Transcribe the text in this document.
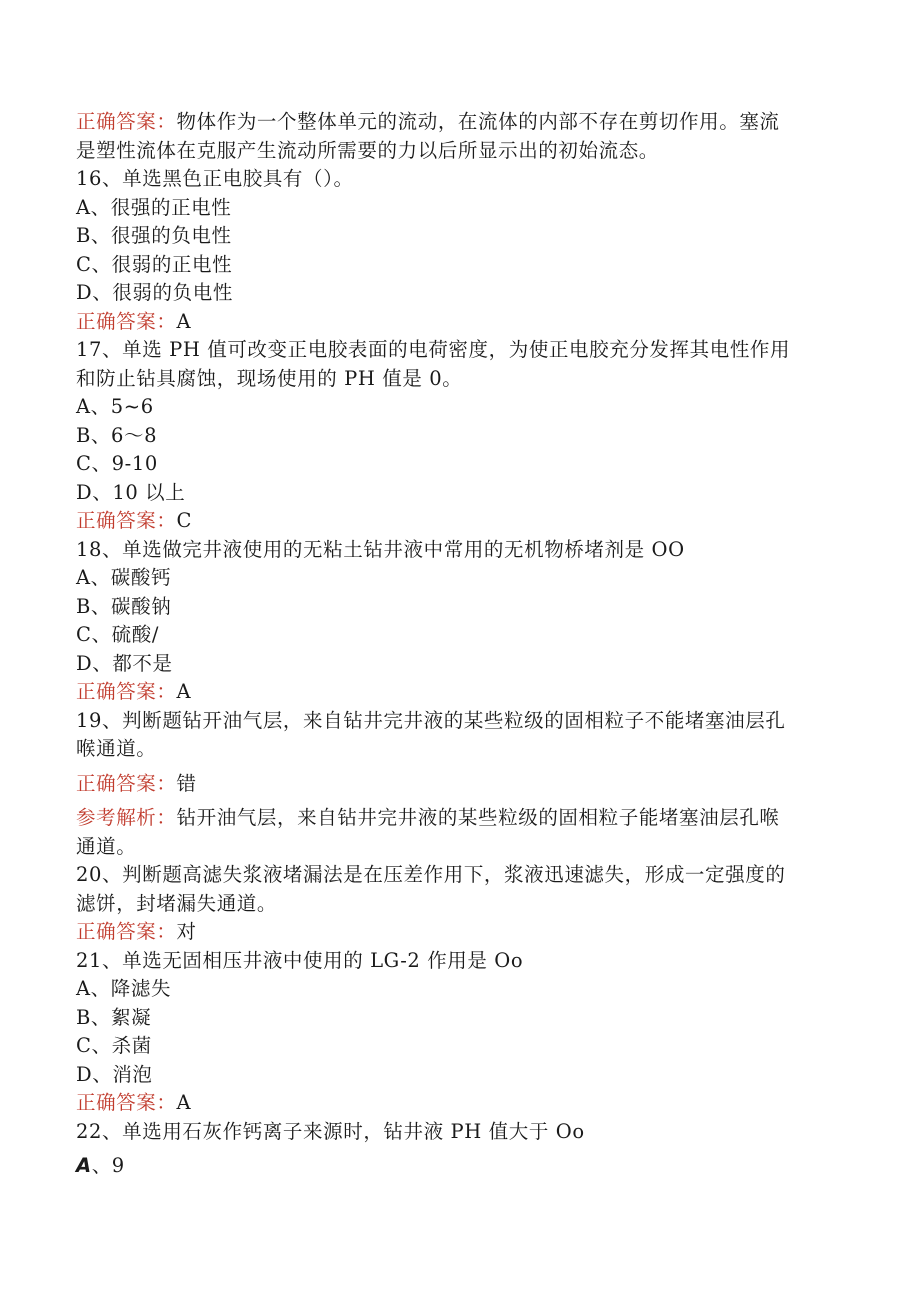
正确答案：物体作为一个整体单元的流动，在流体的内部不存在剪切作用。塞流
是塑性流体在克服产生流动所需要的力以后所显示出的初始流态。
16、单选黑色正电胶具有（）。
A、很强的正电性
B、很强的负电性
C、很弱的正电性
D、很弱的负电性
正确答案：A
17、单选 PH 值可改变正电胶表面的电荷密度，为使正电胶充分发挥其电性作用
和防止钻具腐蚀，现场使用的 PH 值是 0。
A、5~6
B、6～8
C、9-10
D、10 以上
正确答案：C
18、单选做完井液使用的无粘土钻井液中常用的无机物桥堵剂是 OO
A、碳酸钙
B、碳酸钠
C、硫酸/
D、都不是
正确答案：A
19、判断题钻开油气层，来自钻井完井液的某些粒级的固相粒子不能堵塞油层孔
喉通道。
正确答案：错
参考解析：钻开油气层，来自钻井完井液的某些粒级的固相粒子能堵塞油层孔喉
通道。
20、判断题高滤失浆液堵漏法是在压差作用下，浆液迅速滤失，形成一定强度的
滤饼，封堵漏失通道。
正确答案：对
21、单选无固相压井液中使用的 LG-2 作用是 Oo
A、降滤失
B、絮凝
C、杀菌
D、消泡
正确答案：A
22、单选用石灰作钙离子来源时，钻井液 PH 值大于 Oo
A、9
